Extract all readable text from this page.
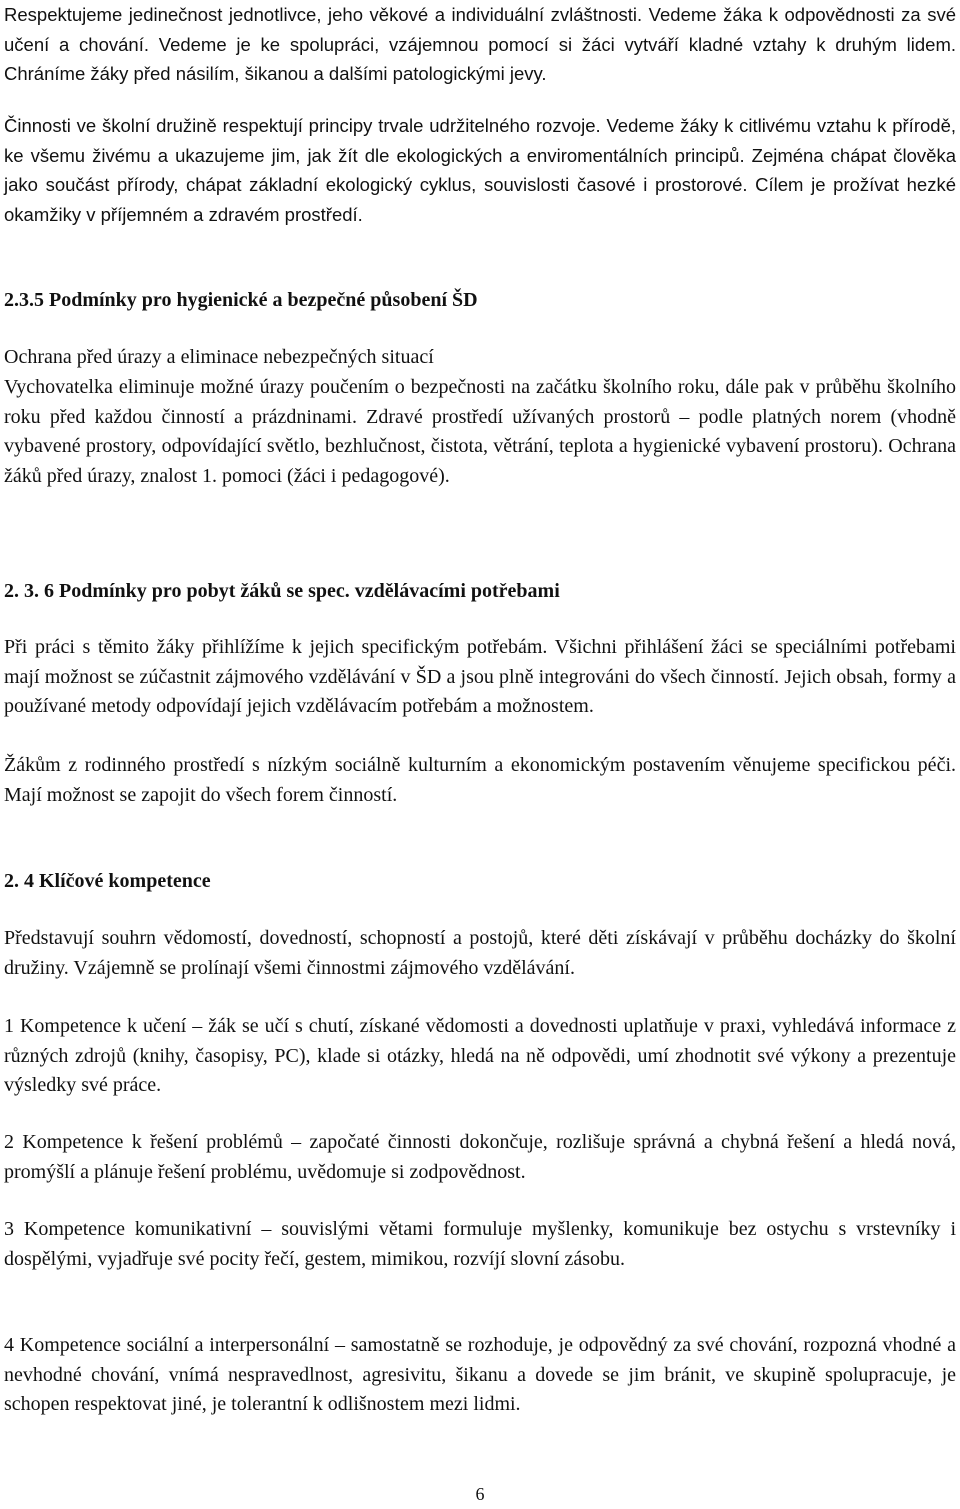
Respektujeme jedinečnost jednotlivce, jeho věkové a individuální zvláštnosti. Vedeme žáka k odpovědnosti za své učení a chování. Vedeme je ke spolupráci, vzájemnou pomocí si žáci vytváří kladné vztahy k druhým lidem. Chráníme žáky před násilím, šikanou a dalšími patologickými jevy.

Činnosti ve školní družině respektují principy trvale udržitelného rozvoje. Vedeme žáky k citlivému vztahu k přírodě, ke všemu živému a ukazujeme jim, jak žít dle ekologických a enviromentálních principů. Zejména chápat člověka jako součást přírody, chápat základní ekologický cyklus, souvislosti časové i prostorové. Cílem je prožívat hezké okamžiky v příjemném a zdravém prostředí.

2.3.5 Podmínky pro hygienické a bezpečné působení ŠD

Ochrana před úrazy a eliminace nebezpečných situací

Vychovatelka eliminuje možné úrazy poučením o bezpečnosti na začátku školního roku, dále pak v průběhu školního roku před každou činností a prázdninami. Zdravé prostředí užívaných prostorů – podle platných norem (vhodně vybavené prostory, odpovídající světlo, bezhlučnost, čistota, větrání, teplota a hygienické vybavení prostoru). Ochrana žáků před úrazy, znalost 1. pomoci (žáci i pedagogové).

2. 3. 6 Podmínky pro pobyt žáků se spec. vzdělávacími potřebami

Při práci s těmito žáky přihlížíme k jejich specifickým potřebám. Všichni přihlášení žáci se speciálními potřebami mají možnost se zúčastnit zájmového vzdělávání v ŠD a jsou plně integrováni do všech činností. Jejich obsah, formy a používané metody odpovídají jejich vzdělávacím potřebám a možnostem.

Žákům z rodinného prostředí s nízkým sociálně kulturním a ekonomickým postavením věnujeme specifickou péči. Mají možnost se zapojit do všech forem činností.

2. 4 Klíčové kompetence

Představují souhrn vědomostí, dovedností, schopností a postojů, které děti získávají v průběhu docházky do školní družiny. Vzájemně se prolínají všemi činnostmi zájmového vzdělávání.

1 Kompetence k učení – žák se učí s chutí, získané vědomosti a dovednosti uplatňuje v praxi, vyhledává informace z různých zdrojů (knihy, časopisy, PC), klade si otázky, hledá na ně odpovědi, umí zhodnotit své výkony a prezentuje výsledky své práce.

2 Kompetence k řešení problémů – započaté činnosti dokončuje, rozlišuje správná a chybná řešení a hledá nová, promýšlí a plánuje řešení problému, uvědomuje si zodpovědnost.

3 Kompetence komunikativní – souvislými větami formuluje myšlenky, komunikuje bez ostychu s vrstevníky i dospělými, vyjadřuje své pocity řečí, gestem, mimikou, rozvíjí slovní zásobu.

4 Kompetence sociální a interpersonální – samostatně se rozhoduje, je odpovědný za své chování, rozpozná vhodné a nevhodné chování, vnímá nespravedlnost, agresivitu, šikanu a dovede se jim bránit, ve skupině spolupracuje, je schopen respektovat jiné, je tolerantní k odlišnostem mezi lidmi.

6
